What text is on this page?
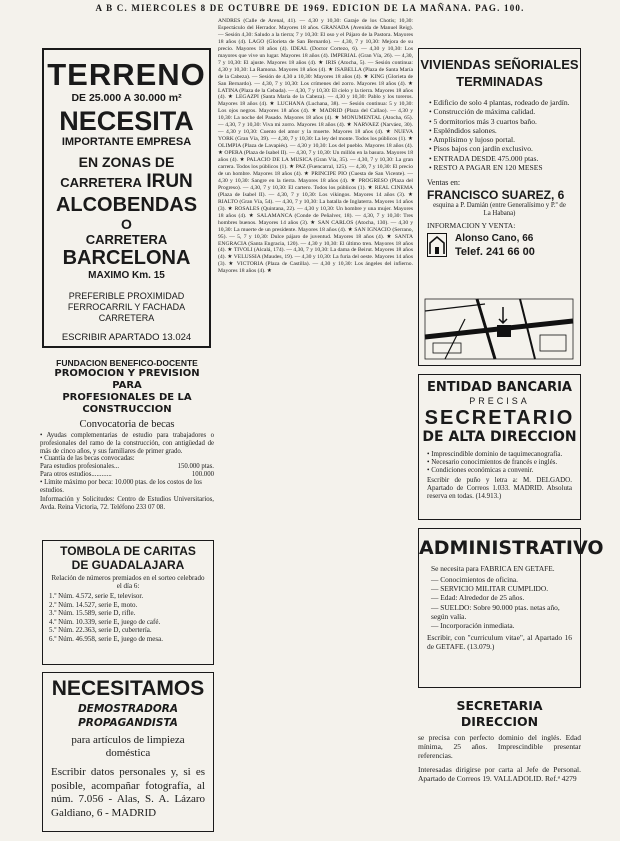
A B C. MIERCOLES 8 DE OCTUBRE DE 1969. EDICION DE LA MAÑANA. PAG. 100.
TERRENO
DE 25.000 A 30.000 m²
NECESITA
IMPORTANTE EMPRESA
EN ZONAS DE
CARRETERA IRUN
ALCOBENDAS
O
CARRETERA
BARCELONA
MAXIMO Km. 15
PREFERIBLE PROXIMIDAD
FERROCARRIL Y FACHADA
CARRETERA
ESCRIBIR APARTADO 13.024
FUNDACION BENEFICO-DOCENTE
PROMOCION Y PREVISION PARA
PROFESIONALES DE LA
CONSTRUCCION
Convocatoria de becas
• Ayudas complementarias de estudio para trabajadores o profesionales del ramo de la construcción, con antigüedad de más de cinco años, y sus familiares de primer grado.
• Cuantía de las becas convocadas:
Para estudios profesionales...	150.000 ptas.
Para otros estudios............	100.000
• Límite máximo por beca: 10.000 ptas. de los costos de los estudios.
Información y Solicitudes: Centro de Estudios Universitarios, Avda. Reina Victoria, 72. Teléfono 233 07 08.
TOMBOLA DE CARITAS
DE GUADALAJARA
Relación de números premiados en el sorteo celebrado el día 6:
1.º Núm. 4.572, serie E, televisor.
2.º Núm. 14.527, serie E, moto.
3.º Núm. 15.589, serie D, rifle.
4.º Núm. 10.339, serie E, juego de café.
5.º Núm. 22.363, serie D, cubertería.
6.º Núm. 46.958, serie E, juego de mesa.
NECESITAMOS
DEMOSTRADORA PROPAGANDISTA
para artículos de limpieza doméstica
Escribir datos personales y, si es posible, acompañar fotografía, al núm. 7.056 - Alas, S. A. Lázaro Galdiano, 6 - MADRID

ANDRES (Calle de Arenal, 41). — 4,30 y 10,30: Garaje de los Chotis; 10,30: Espectáculo del Herrador. Mayores 18 años. GRANADA (Avenida de Manuel Reig). — Sesión 4,30: Saludo a la tierra; 7 y 10,30: El oso y el Pájaro de la Pastora. Mayores 18 años (4). LAGO (Glorieta de San Bernardo). — 4,30, 7 y 10,30: Mejora de su precio. Mayores 18 años (4). IDEAL (Doctor Cortezo, 6). — 4,30 y 10,30: Los mayores que vive un lugar. Mayores 18 años (4). IMPERIAL (Gran Vía, 26). — 4,30, 7 y 10,30: El ajuste. Mayores 18 años (4). ★ IRIS (Atocha, 5). — Sesión continua: 4,30 y 10,30: La Ramona. Mayores 18 años (4). ★ ISABELLA (Plaza de Santa María de la Cabeza). — Sesión de 4,30 a 10,30: Mayores 18 años (4). ★ KING (Glorieta de San Bernardo). — 4,30, 7 y 10,30: Los crímenes del zorro. Mayores 18 años (4). ★ LATINA (Plaza de la Cebada). — 4,30, 7 y 10,30: El cielo y la tierra. Mayores 18 años (4). ★ LEGAZPI (Santa María de la Cabeza). — 4,30 y 10,30: Pablo y los toreros. Mayores 18 años (4). ★ LUCHANA (Luchana, 38). — Sesión continua: 5 y 10,30: Los ojos negros. Mayores 18 años (4). ★ MADRID (Plaza del Callao). — 4,30 y 10,30: La noche del Pasado. Mayores 18 años (4). ★ MONUMENTAL (Atocha, 65). — 4,30, 7 y 10,30: Viva mi zorro. Mayores 18 años (4). ★ NARVAEZ (Narváez, 30). — 4,30 y 10,30: Cuento del amor y la muerte. Mayores 18 años (4). ★ NUEVA YORK (Gran Vía, 39). — 4,30, 7 y 10,30: La ley del monte. Todos los públicos (1). ★ OLIMPIA (Plaza de Lavapiés). — 4,30 y 10,30: Los del pueblo. Mayores 18 años (4). ★ OPERA (Plaza de Isabel II). — 4,30, 7 y 10,30: Un millón en la basura. Mayores 18 años (4). ★ PALACIO DE LA MUSICA (Gran Vía, 35). — 4,30, 7 y 10,30: La gran carrera. Todos los públicos (1). ★ PAZ (Fuencarral, 125). — 4,30, 7 y 10,30: El precio de un hombre. Mayores 18 años (4). ★ PRINCIPE PIO (Cuesta de San Vicente). — 4,30 y 10,30: Sangre en la tierra. Mayores 18 años (4). ★ PROGRESO (Plaza del Progreso). — 4,30, 7 y 10,30: El cartero. Todos los públicos (1). ★ REAL CINEMA (Plaza de Isabel II). — 4,30, 7 y 10,30: Los vikingos. Mayores 14 años (3). ★ RIALTO (Gran Vía, 54). — 4,30, 7 y 10,30: La batalla de Inglaterra. Mayores 14 años (3). ★ ROSALES (Quintana, 22). — 4,30 y 10,30: Un hombre y una mujer. Mayores 18 años (4). ★ SALAMANCA (Conde de Peñalver, 18). — 4,30, 7 y 10,30: Tres hombres buenos. Mayores 14 años (3). ★ SAN CARLOS (Atocha, 130). — 4,30 y 10,30: La muerte de un presidente. Mayores 18 años (4). ★ SAN IGNACIO (Serrano, 95). — 5, 7 y 10,30: Dulce pájaro de juventud. Mayores 18 años (4). ★ SANTA ENGRACIA (Santa Engracia, 120). — 4,30 y 10,30: El último tren. Mayores 18 años (4). ★ TIVOLI (Alcalá, 174). — 4,30, 7 y 10,30: La dama de Beirut. Mayores 18 años (4). ★ VELUSSIA (Maudes, 19). — 4,30 y 10,30: La furia del oeste. Mayores 14 años (3). ★ VICTORIA (Plaza de Castilla). — 4,30 y 10,30: Los ángeles del infierno. Mayores 18 años (4). ★

VIVIENDAS SEÑORIALES
TERMINADAS
• Edificio de solo 4 plantas, rodeado de jardín.
• Construcción de máxima calidad.
• 5 dormitorios más 3 cuartos baño.
• Espléndidos salones.
• Amplísimo y lujoso portal.
• Pisos bajos con jardín exclusivo.
• ENTRADA DESDE 475.000 ptas.
• RESTO A PAGAR EN 120 MESES
Ventas en:
FRANCISCO SUAREZ, 6
esquina a P. Damián (entre Generalísimo y P.º de La Habana)
INFORMACION Y VENTA:
Alonso Cano, 66
Telef. 241 66 00
ENTIDAD BANCARIA
PRECISA
SECRETARIO
DE ALTA DIRECCION
• Imprescindible dominio de taquimecanografía.
• Necesario conocimientos de francés e inglés.
• Condiciones económicas a convenir.
Escribir de puño y letra a: M. DELGADO. Apartado de Correos 1.033. MADRID. Absoluta reserva en todas. (14.913.)
ADMINISTRATIVO
Se necesita para FABRICA EN GETAFE.
— Conocimientos de oficina.
— SERVICIO MILITAR CUMPLIDO.
— Edad: Alrededor de 25 años.
— SUELDO: Sobre 90.000 ptas. netas año, según valía.
— Incorporación inmediata.
Escribir, con "curriculum vitae", al Apartado 16 de GETAFE. (13.079.)
SECRETARIA DIRECCION
se precisa con perfecto dominio del inglés. Edad mínima, 25 años. Imprescindible presentar referencias.
Interesadas dirigirse por carta al Jefe de Personal. Apartado de Correos 19. VALLADOLID. Ref.ª 4279
